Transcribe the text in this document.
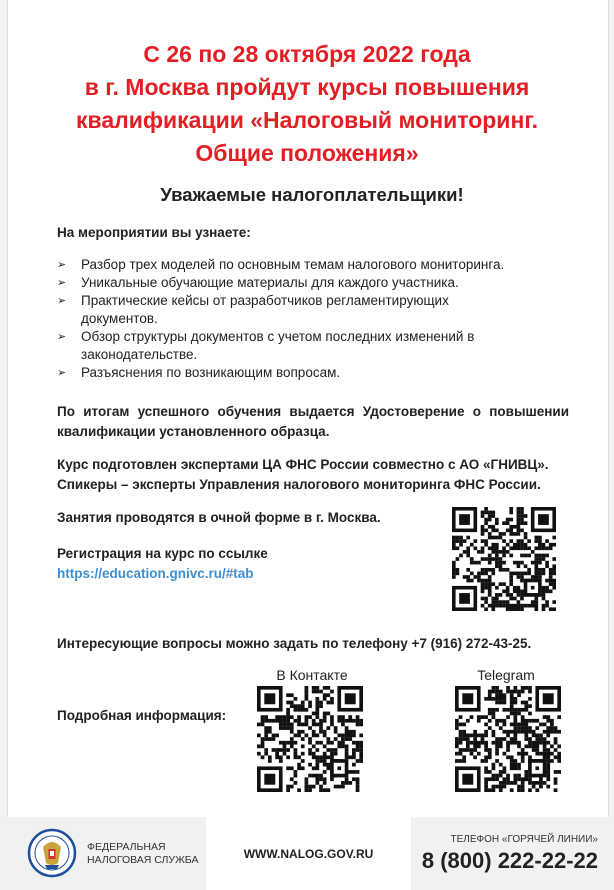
С 26 по 28 октября 2022 года
в г. Москва пройдут курсы повышения
квалификации «Налоговый мониторинг.
Общие положения»
Уважаемые налогоплательщики!
На мероприятии вы узнаете:
➢ Разбор трех моделей по основным темам налогового мониторинга.
➢ Уникальные обучающие материалы для каждого участника.
➢ Практические кейсы от разработчиков регламентирующих документов.
➢ Обзор структуры документов с учетом последних изменений в законодательстве.
➢ Разъяснения по возникающим вопросам.
По итогам успешного обучения выдается Удостоверение о повышении квалификации установленного образца.
Курс подготовлен экспертами ЦА ФНС России совместно с АО «ГНИВЦ».
Спикеры – эксперты Управления налогового мониторинга ФНС России.
Занятия проводятся в очной форме в г. Москва.
Регистрация на курс по ссылке
https://education.gnivc.ru/#tab
Интересующие вопросы можно задать по телефону +7 (916) 272-43-25.
В Контакте	Telegram
Подробная информация:
ФЕДЕРАЛЬНАЯ
НАЛОГОВАЯ СЛУЖБА	WWW.NALOG.GOV.RU
ТЕЛЕФОН «ГОРЯЧЕЙ ЛИНИИ»
8 (800) 222-22-22
